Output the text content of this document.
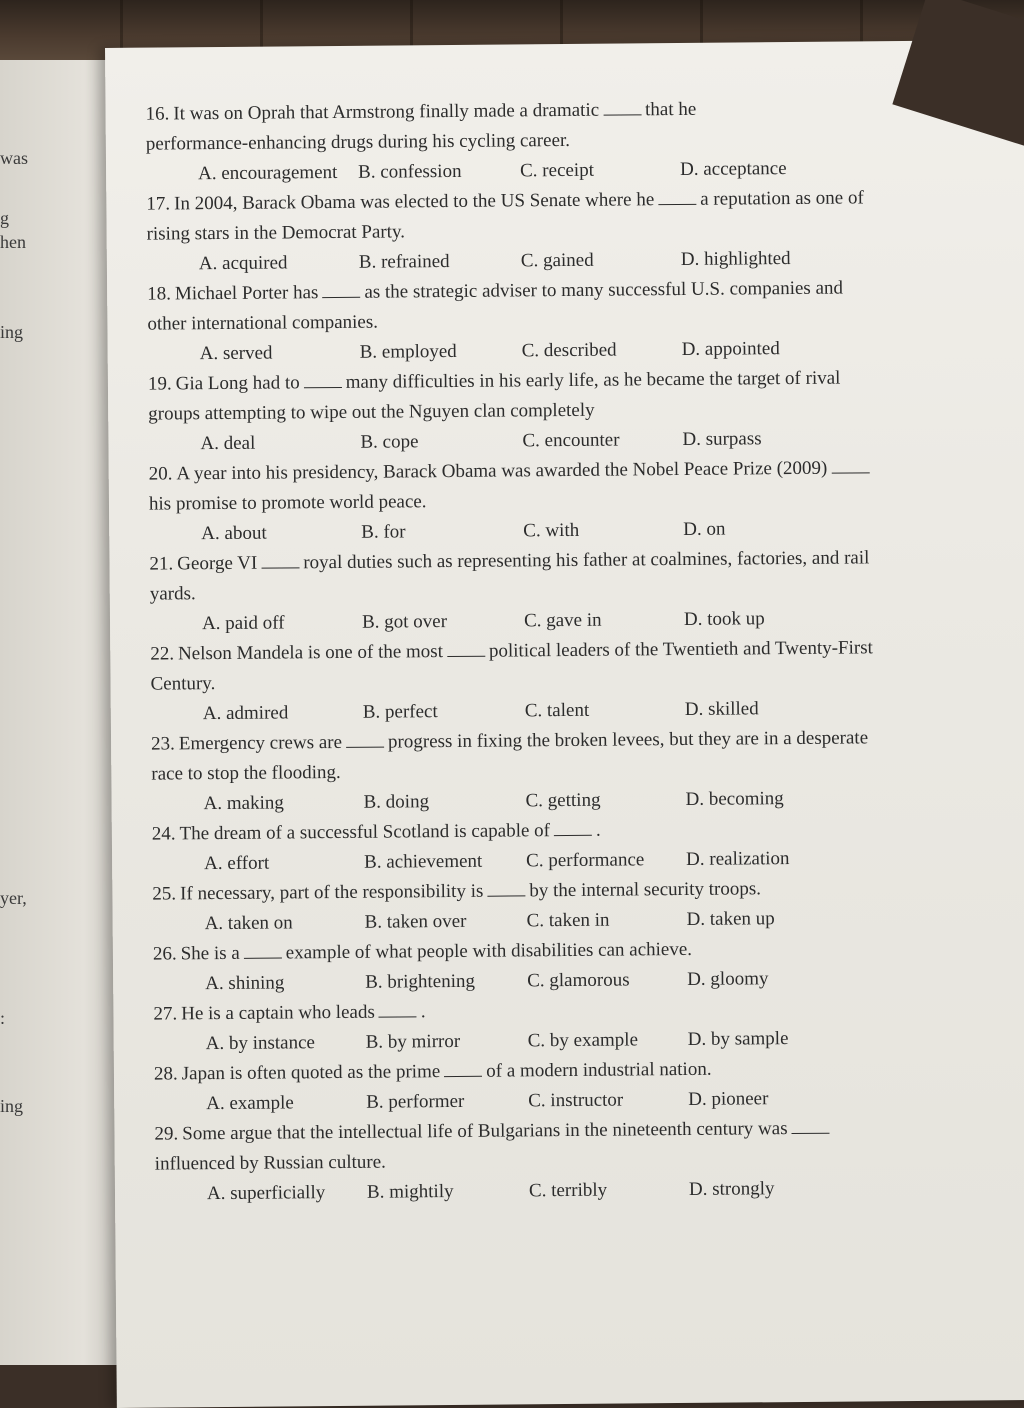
was
g
hen
ing
yer,
:
ing
16. It was on Oprah that Armstrong finally made a dramatic that he
performance-enhancing drugs during his cycling career.
A. encouragement	B. confession	C. receipt	D. acceptance
17. In 2004, Barack Obama was elected to the US Senate where he a reputation as one of
rising stars in the Democrat Party.
A. acquired	B. refrained	C. gained	D. highlighted
18. Michael Porter has as the strategic adviser to many successful U.S. companies and
other international companies.
A. served	B. employed	C. described	D. appointed
19. Gia Long had to many difficulties in his early life, as he became the target of rival
groups attempting to wipe out the Nguyen clan completely
A. deal	B. cope	C. encounter	D. surpass
20. A year into his presidency, Barack Obama was awarded the Nobel Peace Prize (2009)
his promise to promote world peace.
A. about	B. for	C. with	D. on
21. George VI royal duties such as representing his father at coalmines, factories, and rail
yards.
A. paid off	B. got over	C. gave in	D. took up
22. Nelson Mandela is one of the most political leaders of the Twentieth and Twenty-First
Century.
A. admired	B. perfect	C. talent	D. skilled
23. Emergency crews are progress in fixing the broken levees, but they are in a desperate
race to stop the flooding.
A. making	B. doing	C. getting	D. becoming
24. The dream of a successful Scotland is capable of .
A. effort	B. achievement	C. performance	D. realization
25. If necessary, part of the responsibility is by the internal security troops.
A. taken on	B. taken over	C. taken in	D. taken up
26. She is a example of what people with disabilities can achieve.
A. shining	B. brightening	C. glamorous	D. gloomy
27. He is a captain who leads .
A. by instance	B. by mirror	C. by example	D. by sample
28. Japan is often quoted as the prime of a modern industrial nation.
A. example	B. performer	C. instructor	D. pioneer
29. Some argue that the intellectual life of Bulgarians in the nineteenth century was
influenced by Russian culture.
A. superficially	B. mightily	C. terribly	D. strongly
